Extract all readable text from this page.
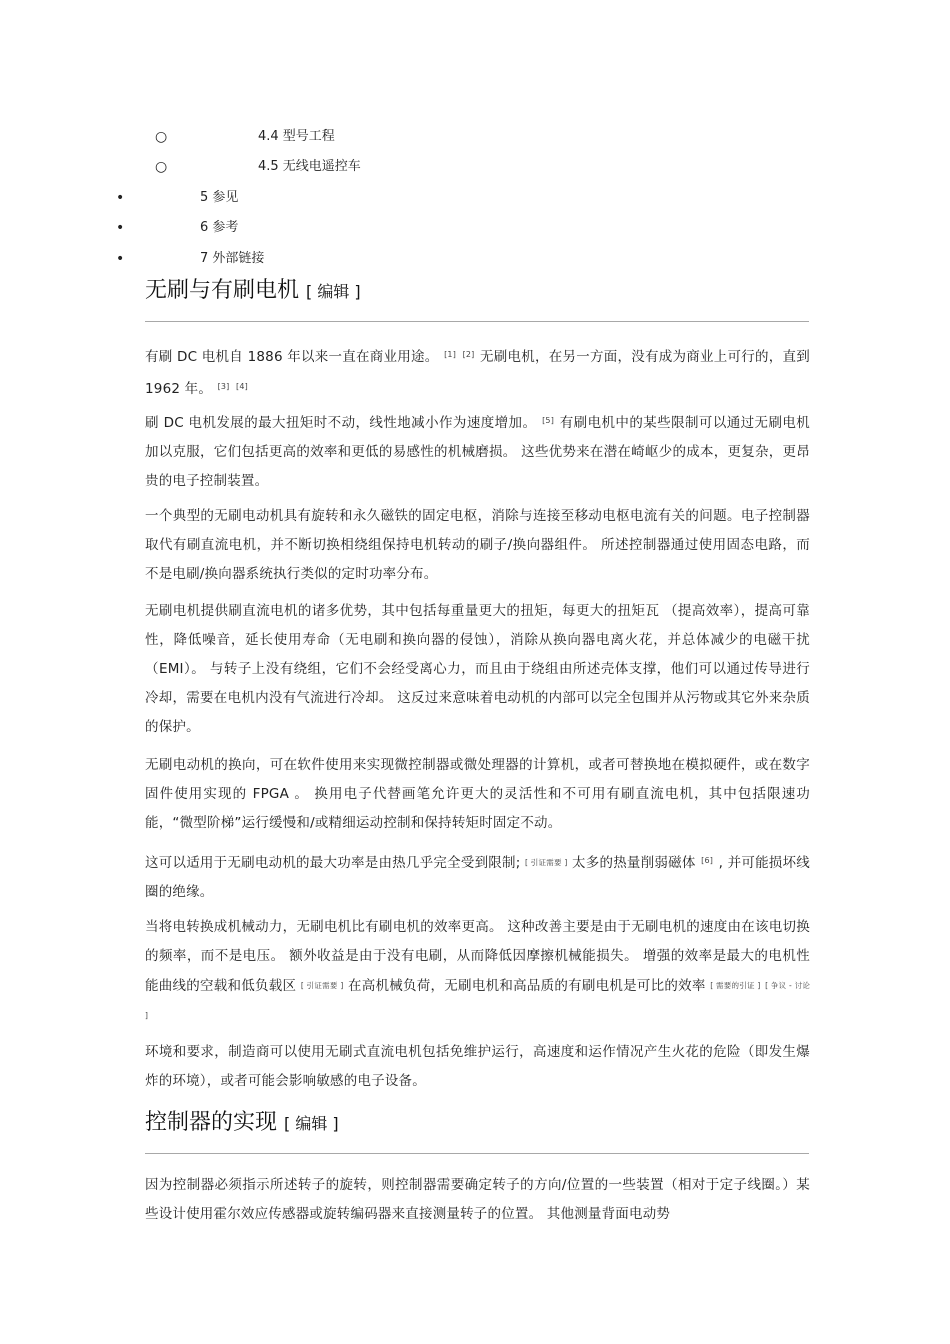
○	4.4 型号工程
○	4.5 无线电遥控车
•	5 参见
•	6 参考
•	7 外部链接
无刷与有刷电机 [ 编辑 ]
有刷 DC 电机自 1886 年以来一直在商业用途。 [1] [2] 无刷电机，在另一方面，没有成为商业上可行的，直到 1962 年。 [3] [4]
刷 DC 电机发展的最大扭矩时不动，线性地减小作为速度增加。 [5] 有刷电机中的某些限制可以通过无刷电机加以克服，它们包括更高的效率和更低的易感性的机械磨损。 这些优势来在潜在崎岖少的成本，更复杂，更昂贵的电子控制装置。
一个典型的无刷电动机具有旋转和永久磁铁的固定电枢，消除与连接至移动电枢电流有关的问题。电子控制器取代有刷直流电机，并不断切换相绕组保持电机转动的刷子/换向器组件。 所述控制器通过使用固态电路，而不是电刷/换向器系统执行类似的定时功率分布。
无刷电机提供刷直流电机的诸多优势，其中包括每重量更大的扭矩，每更大的扭矩瓦 （提高效率），提高可靠性，降低噪音，延长使用寿命（无电刷和换向器的侵蚀），消除从换向器电离火花，并总体减少的电磁干扰 （EMI）。 与转子上没有绕组，它们不会经受离心力，而且由于绕组由所述壳体支撑，他们可以通过传导进行冷却，需要在电机内没有气流进行冷却。 这反过来意味着电动机的内部可以完全包围并从污物或其它外来杂质的保护。
无刷电动机的换向，可在软件使用来实现微控制器或微处理器的计算机，或者可替换地在模拟硬件，或在数字固件使用实现的 FPGA 。 换用电子代替画笔允许更大的灵活性和不可用有刷直流电机，其中包括限速功能，“微型阶梯”运行缓慢和/或精细运动控制和保持转矩时固定不动。
这可以适用于无刷电动机的最大功率是由热几乎完全受到限制; [ 引证需要 ] 太多的热量削弱磁体 [6] , 并可能损坏线圈的绝缘。
当将电转换成机械动力，无刷电机比有刷电机的效率更高。 这种改善主要是由于无刷电机的速度由在该电切换的频率，而不是电压。 额外收益是由于没有电刷，从而降低因摩擦机械能损失。 增强的效率是最大的电机性能曲线的空载和低负载区 [ 引证需要 ] 在高机械负荷，无刷电机和高品质的有刷电机是可比的效率 [ 需要的引证 ] [ 争议 - 讨论 ]
环境和要求，制造商可以使用无刷式直流电机包括免维护运行，高速度和运作情况产生火花的危险（即发生爆炸的环境），或者可能会影响敏感的电子设备。
控制器的实现 [ 编辑 ]
因为控制器必须指示所述转子的旋转，则控制器需要确定转子的方向/位置的一些装置（相对于定子线圈。）某些设计使用霍尔效应传感器或旋转编码器来直接测量转子的位置。 其他测量背面电动势
